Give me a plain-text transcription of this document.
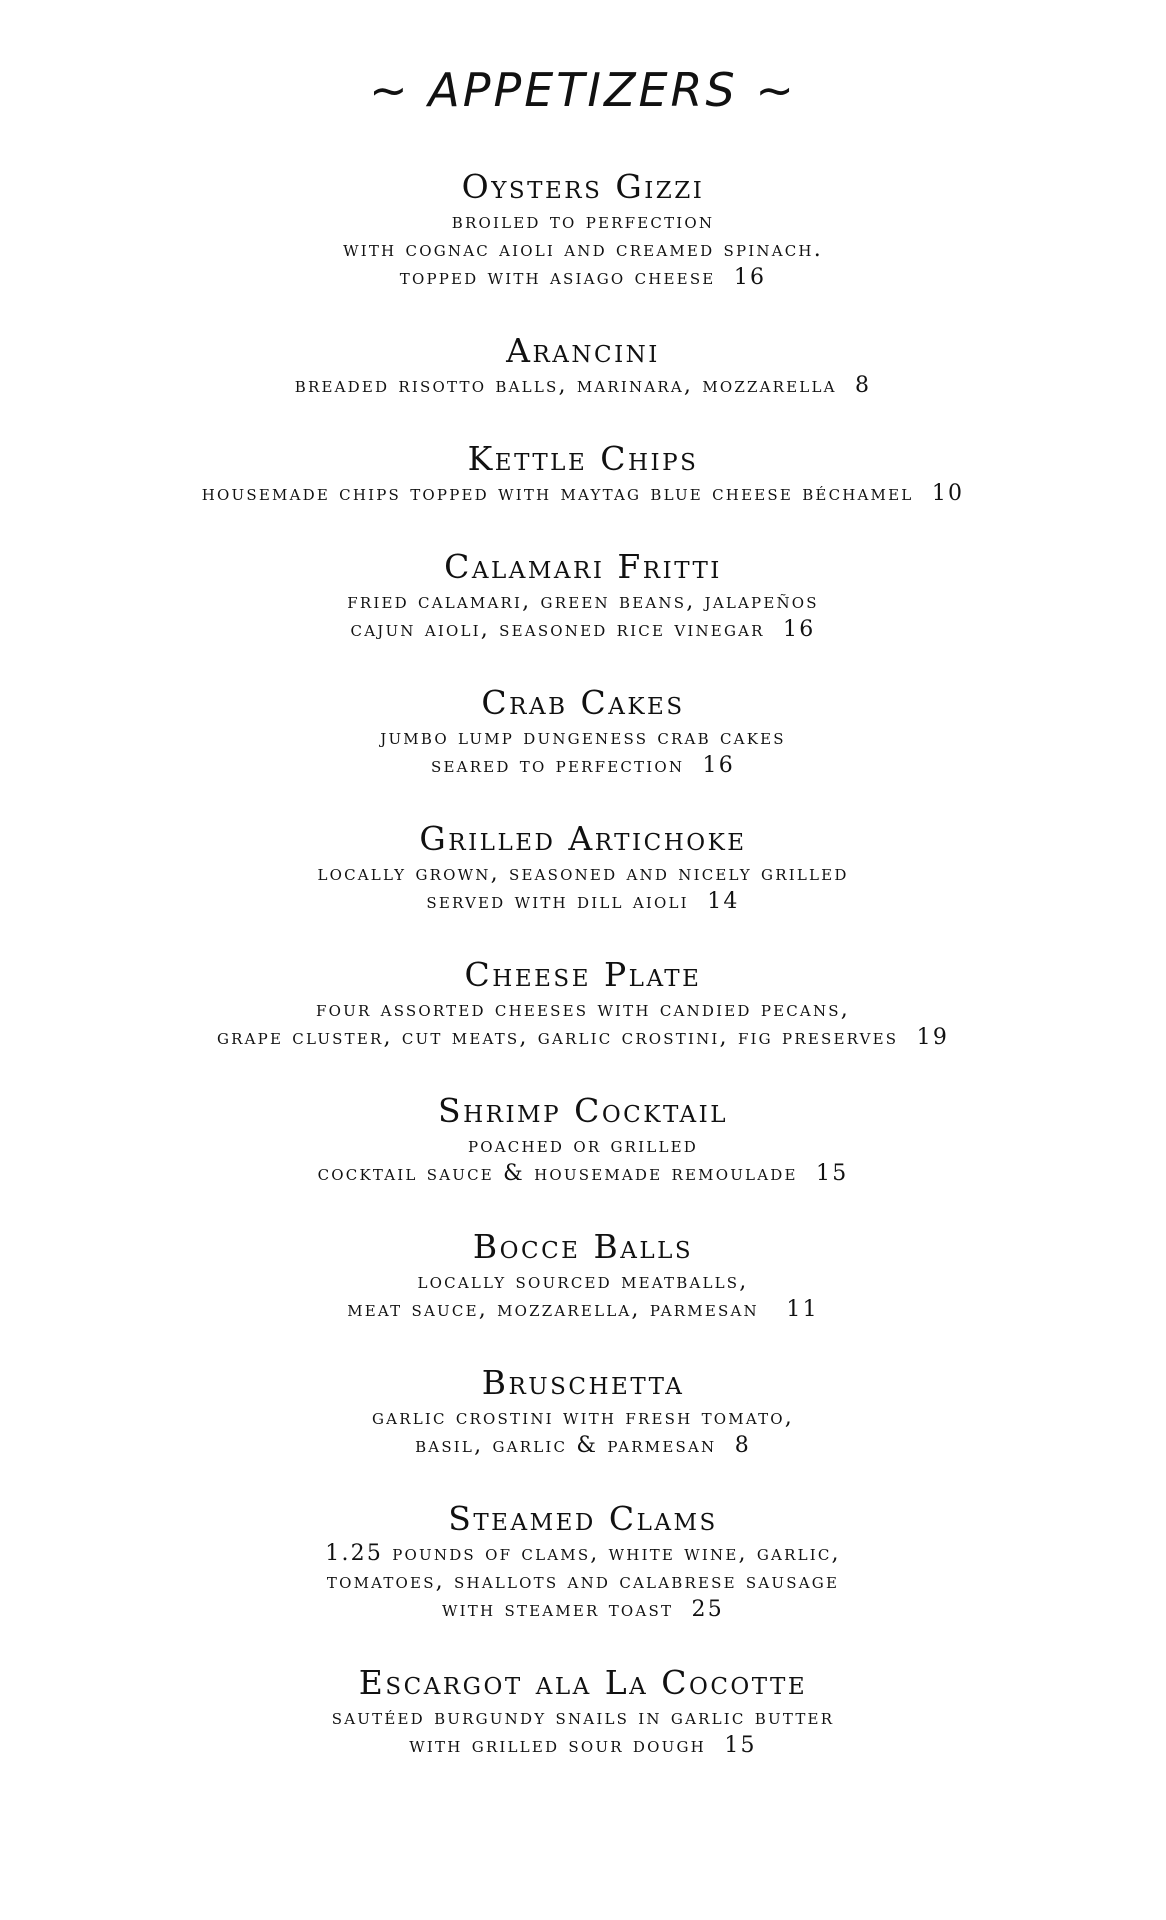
~ APPETIZERS ~
Oysters Gizzi

broiled to perfection
with cognac aioli and creamed spinach.
topped with asiago cheese  16

Arancini

breaded risotto balls, marinara, mozzarella  8

Kettle Chips

housemade chips topped with maytag blue cheese béchamel  10

Calamari Fritti

fried calamari, green beans, jalapeños
cajun aioli, seasoned rice vinegar  16

Crab Cakes

jumbo lump dungeness crab cakes
seared to perfection  16

Grilled Artichoke

locally grown, seasoned and nicely grilled
served with dill aioli  14

Cheese Plate

four assorted cheeses with candied pecans,
grape cluster, cut meats, garlic crostini, fig preserves  19

Shrimp Cocktail

poached or grilled
cocktail sauce & housemade remoulade  15

Bocce Balls

locally sourced meatballs,
meat sauce, mozzarella, parmesan   11

Bruschetta

garlic crostini with fresh tomato,
basil, garlic & parmesan  8

Steamed Clams

1.25 pounds of clams, white wine, garlic,
tomatoes, shallots and calabrese sausage
with steamer toast  25

Escargot ala La Cocotte

sautéed burgundy snails in garlic butter
with grilled sour dough  15
